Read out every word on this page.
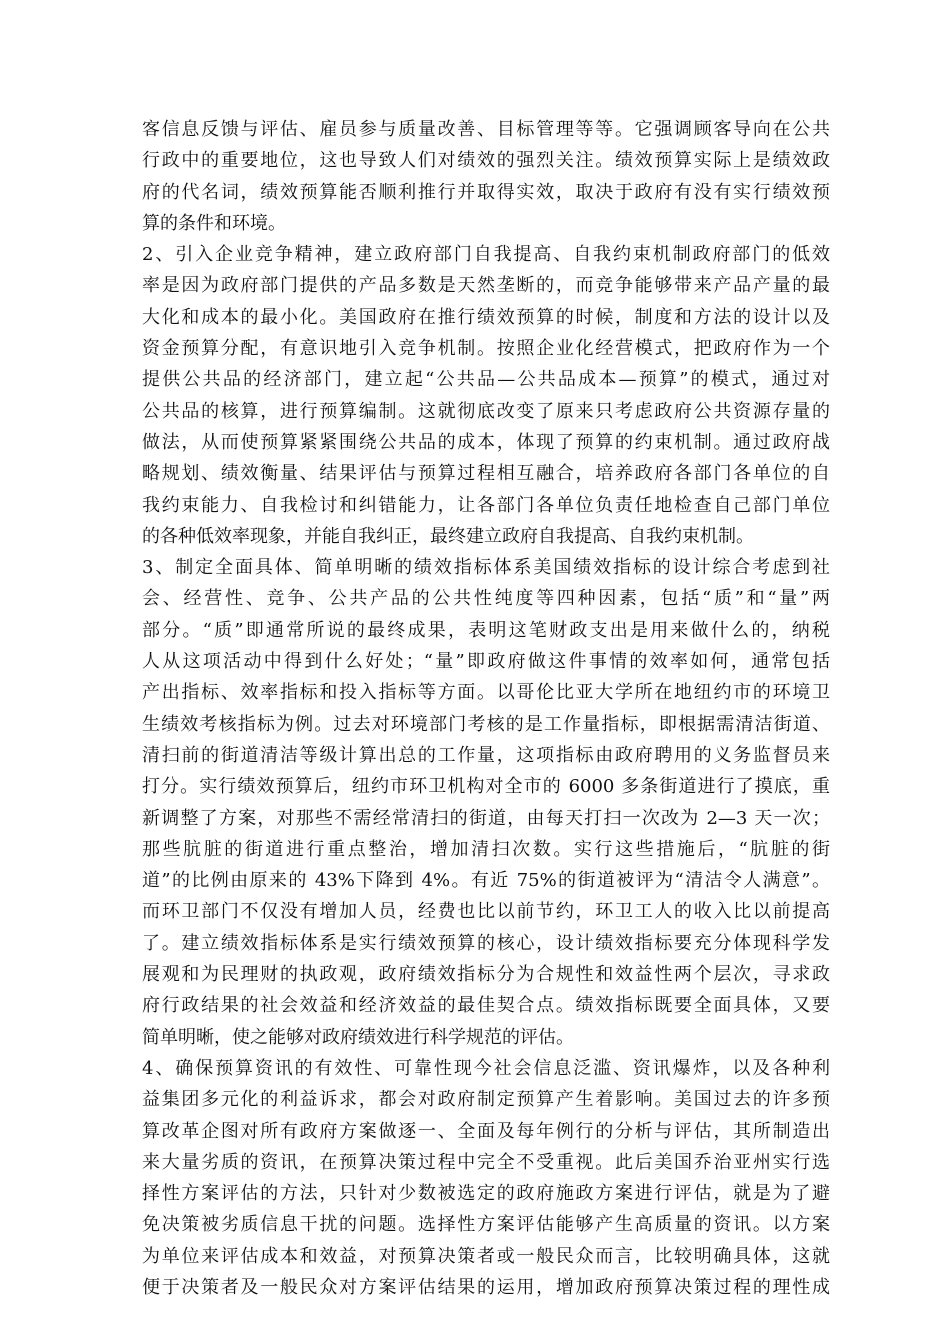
客信息反馈与评估、雇员参与质量改善、目标管理等等。它强调顾客导向在公共
行政中的重要地位，这也导致人们对绩效的强烈关注。绩效预算实际上是绩效政
府的代名词，绩效预算能否顺利推行并取得实效，取决于政府有没有实行绩效预
算的条件和环境。
2、引入企业竞争精神，建立政府部门自我提高、自我约束机制政府部门的低效
率是因为政府部门提供的产品多数是天然垄断的，而竞争能够带来产品产量的最
大化和成本的最小化。美国政府在推行绩效预算的时候，制度和方法的设计以及
资金预算分配，有意识地引入竞争机制。按照企业化经营模式，把政府作为一个
提供公共品的经济部门，建立起“公共品—公共品成本—预算”的模式，通过对
公共品的核算，进行预算编制。这就彻底改变了原来只考虑政府公共资源存量的
做法，从而使预算紧紧围绕公共品的成本，体现了预算的约束机制。通过政府战
略规划、绩效衡量、结果评估与预算过程相互融合，培养政府各部门各单位的自
我约束能力、自我检讨和纠错能力，让各部门各单位负责任地检查自己部门单位
的各种低效率现象，并能自我纠正，最终建立政府自我提高、自我约束机制。
3、制定全面具体、简单明晰的绩效指标体系美国绩效指标的设计综合考虑到社
会、经营性、竞争、公共产品的公共性纯度等四种因素，包括“质”和“量”两
部分。“质”即通常所说的最终成果，表明这笔财政支出是用来做什么的，纳税
人从这项活动中得到什么好处；“量”即政府做这件事情的效率如何，通常包括
产出指标、效率指标和投入指标等方面。以哥伦比亚大学所在地纽约市的环境卫
生绩效考核指标为例。过去对环境部门考核的是工作量指标，即根据需清洁街道、
清扫前的街道清洁等级计算出总的工作量，这项指标由政府聘用的义务监督员来
打分。实行绩效预算后，纽约市环卫机构对全市的 6000 多条街道进行了摸底，重
新调整了方案，对那些不需经常清扫的街道，由每天打扫一次改为 2—3 天一次；
那些肮脏的街道进行重点整治，增加清扫次数。实行这些措施后，“肮脏的街
道”的比例由原来的 43%下降到 4%。有近 75%的街道被评为“清洁令人满意”。
而环卫部门不仅没有增加人员，经费也比以前节约，环卫工人的收入比以前提高
了。建立绩效指标体系是实行绩效预算的核心，设计绩效指标要充分体现科学发
展观和为民理财的执政观，政府绩效指标分为合规性和效益性两个层次，寻求政
府行政结果的社会效益和经济效益的最佳契合点。绩效指标既要全面具体，又要
简单明晰，使之能够对政府绩效进行科学规范的评估。
4、确保预算资讯的有效性、可靠性现今社会信息泛滥、资讯爆炸，以及各种利
益集团多元化的利益诉求，都会对政府制定预算产生着影响。美国过去的许多预
算改革企图对所有政府方案做逐一、全面及每年例行的分析与评估，其所制造出
来大量劣质的资讯，在预算决策过程中完全不受重视。此后美国乔治亚州实行选
择性方案评估的方法，只针对少数被选定的政府施政方案进行评估，就是为了避
免决策被劣质信息干扰的问题。选择性方案评估能够产生高质量的资讯。以方案
为单位来评估成本和效益，对预算决策者或一般民众而言，比较明确具体，这就
便于决策者及一般民众对方案评估结果的运用，增加政府预算决策过程的理性成
